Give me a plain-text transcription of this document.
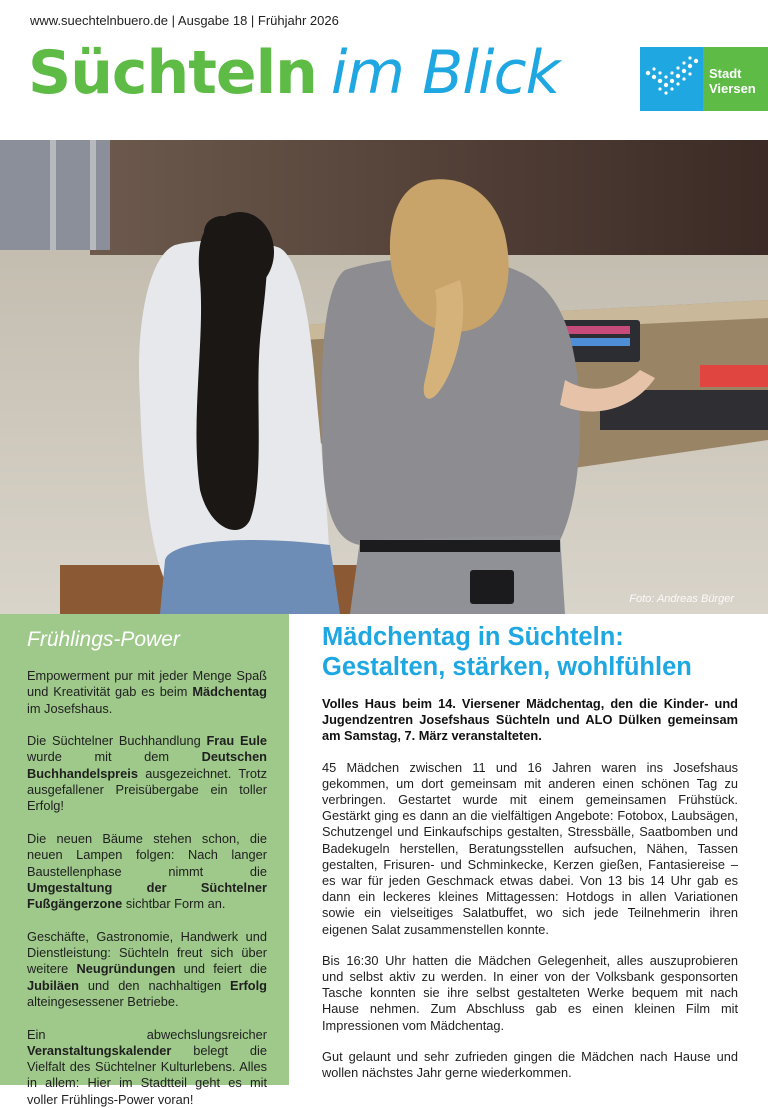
www.suechtelnbuero.de | Ausgabe 18 | Frühjahr 2026
Süchteln im Blick	Stadt
Viersen
Foto: Andreas Bürger
Frühlings-Power

Empowerment pur mit jeder Menge Spaß und Kreativität gab es beim Mädchentag im Josefshaus.

Die Süchtelner Buchhandlung Frau Eule wurde mit dem Deutschen Buchhandelspreis ausgezeichnet. Trotz ausgefallener Preisübergabe ein toller Erfolg!

Die neuen Bäume stehen schon, die neuen Lampen folgen: Nach langer Baustellenphase nimmt die Umgestaltung der Süchtelner Fußgängerzone sichtbar Form an.

Geschäfte, Gastronomie, Handwerk und Dienstleistung: Süchteln freut sich über weitere Neugründungen und feiert die Jubiläen und den nachhaltigen Erfolg alteingesessener Betriebe.

Ein abwechslungsreicher Veranstaltungskalender belegt die Vielfalt des Süchtelner Kulturlebens. Alles in allem: Hier im Stadtteil geht es mit voller Frühlings-Power voran!

Mädchentag in Süchteln:
Gestalten, stärken, wohlfühlen

Volles Haus beim 14. Viersener Mädchentag, den die Kinder- und Jugendzentren Josefshaus Süchteln und ALO Dülken gemeinsam am Samstag, 7. März veranstalteten.

45 Mädchen zwischen 11 und 16 Jahren waren ins Josefshaus gekommen, um dort gemeinsam mit anderen einen schönen Tag zu verbringen. Gestartet wurde mit einem gemeinsamen Frühstück. Gestärkt ging es dann an die vielfältigen Angebote: Fotobox, Laubsägen, Schutzengel und Einkaufschips gestalten, Stressbälle, Saatbomben und Badekugeln herstellen, Beratungsstellen aufsuchen, Nähen, Tassen gestalten, Frisuren- und Schminkecke, Kerzen gießen, Fantasiereise – es war für jeden Geschmack etwas dabei. Von 13 bis 14 Uhr gab es dann ein leckeres kleines Mittagessen: Hotdogs in allen Variationen sowie ein vielseitiges Salatbuffet, wo sich jede Teilnehmerin ihren eigenen Salat zusammenstellen konnte.

Bis 16:30 Uhr hatten die Mädchen Gelegenheit, alles auszuprobieren und selbst aktiv zu werden. In einer von der Volksbank gesponsorten Tasche konnten sie ihre selbst gestalteten Werke bequem mit nach Hause nehmen. Zum Abschluss gab es einen kleinen Film mit Impressionen vom Mädchentag.

Gut gelaunt und sehr zufrieden gingen die Mädchen nach Hause und wollen nächstes Jahr gerne wiederkommen.
